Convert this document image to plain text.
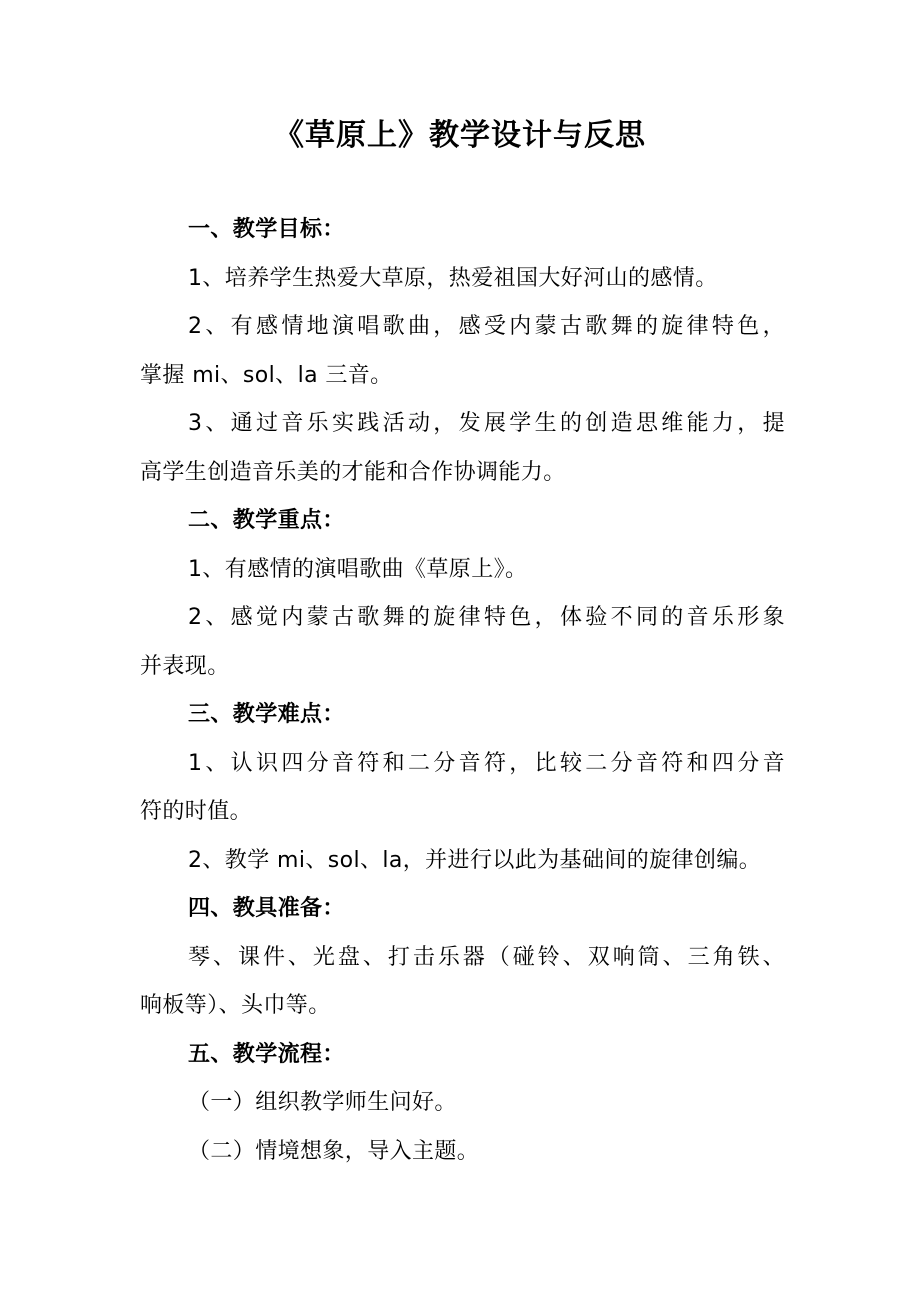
《草原上》教学设计与反思
一、教学目标：
1、培养学生热爱大草原，热爱祖国大好河山的感情。
2、有感情地演唱歌曲，感受内蒙古歌舞的旋律特色，
掌握 mi、sol、la 三音。
3、通过音乐实践活动，发展学生的创造思维能力，提
高学生创造音乐美的才能和合作协调能力。
二、教学重点：
1、有感情的演唱歌曲《草原上》。
2、感觉内蒙古歌舞的旋律特色，体验不同的音乐形象
并表现。
三、教学难点：
1、认识四分音符和二分音符，比较二分音符和四分音
符的时值。
2、教学 mi、sol、la，并进行以此为基础间的旋律创编。
四、教具准备：
琴、课件、光盘、打击乐器（碰铃、双响筒、三角铁、
响板等）、头巾等。
五、教学流程：
（一）组织教学师生问好。
（二）情境想象，导入主题。
